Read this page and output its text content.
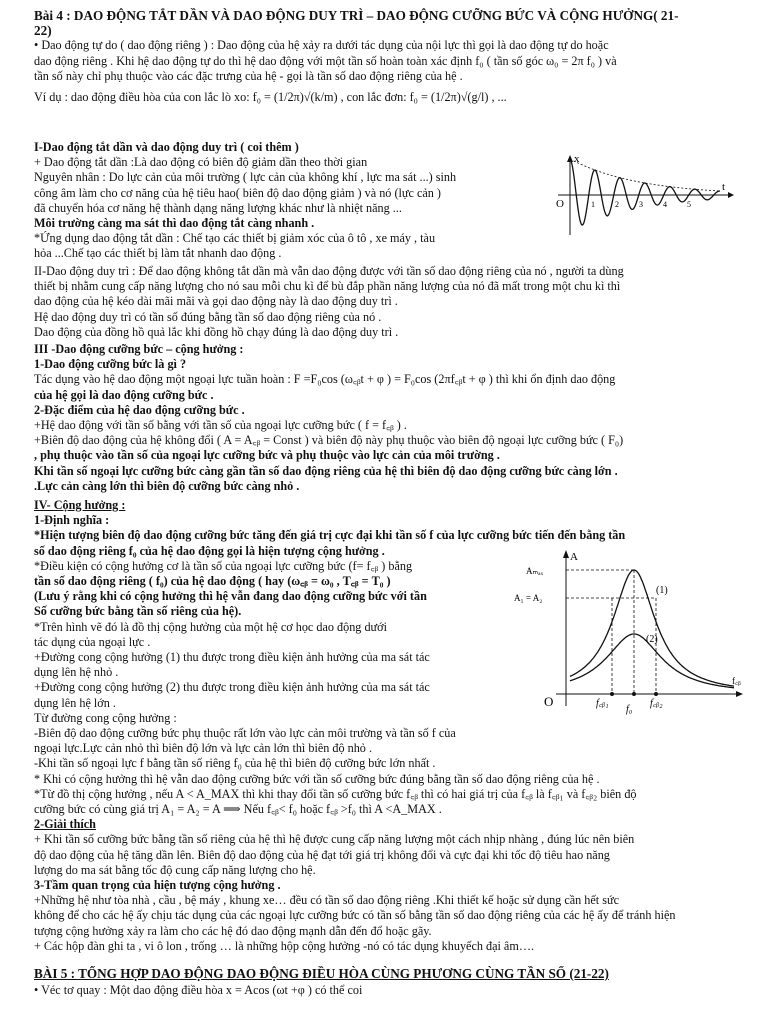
Bài 4 : DAO ĐỘNG TẮT DẦN VÀ DAO ĐỘNG DUY TRÌ – DAO ĐỘNG CƯỠNG BỨC VÀ CỘNG HƯỞNG( 21-
22)
• Dao động tự do ( dao động riêng ) : Dao động của hệ xảy ra dưới tác dụng của nội lực thì gọi là dao động tự do hoặc
dao động riêng . Khi hệ dao động tự do thì hệ dao động với một tần số hoàn toàn xác định f₀ ( tần số góc ω₀ = 2π f₀ ) và
tần số này chỉ phụ thuộc vào các đặc trưng của hệ - gọi là tần số dao động riêng của hệ .
Ví dụ : dao động điều hòa của con lắc lò xo: f₀ = (1/2π)√(k/m) , con lắc đơn: f₀ = (1/2π)√(g/l) , ...
I-Dao động tắt dần và dao động duy trì ( coi thêm )
+ Dao động tắt dần :Là dao động có biên độ giảm dần theo thời gian
Nguyên nhân : Do lực cản của môi trường ( lực cản của không khí , lực ma sát ...) sinh
công âm làm cho cơ năng của hệ tiêu hao( biên độ dao động giảm ) và nó (lực cản )
đã chuyển hóa cơ năng hệ thành dạng năng lượng khác như là nhiệt năng ...
Môi trường càng ma sát thì dao động tắt càng nhanh .
*Ứng dụng dao động tắt dần : Chế tạo các thiết bị giảm xóc của ô tô , xe máy , tàu
hỏa ...Chế tạo các thiết bị làm tắt nhanh dao động .
x
t
O	1	2	3	4	5
II-Dao động duy trì : Để dao động không tắt dần mà vẫn dao động được với tần số dao động riêng của nó , người ta dùng
thiết bị nhằm cung cấp năng lượng cho nó sau mỗi chu kì để bù đắp phần năng lượng của nó đã mất trong một chu kì thì
dao động của hệ kéo dài mãi mãi và gọi dao động này là dao động duy trì .
Hệ dao động duy trì có tần số đúng bằng tần số dao động riêng của nó .
Dao động của đồng hồ quả lắc khi đồng hồ chạy đúng là dao động duy trì .
III -Dao động cưỡng bức – cộng hưởng :
1-Dao động cưỡng bức là gì ?
Tác dụng vào hệ dao động một ngoại lực tuần hoàn : F =F₀cos (ω꜀ᵦt + φ ) = F₀cos (2πf꜀ᵦt + φ ) thì khi ổn định dao động
của hệ gọi là dao động cưỡng bức .
2-Đặc điểm của hệ dao động cưỡng bức .
+Hệ dao động với tần số bằng với tần số của ngoại lực cưỡng bức ( f = f꜀ᵦ ) .
+Biên độ dao động của hệ không đổi ( A = A꜀ᵦ = Const ) và biên độ này phụ thuộc vào biên độ ngoại lực cưỡng bức ( F₀)
, phụ thuộc vào tần số của ngoại lực cưỡng bức và phụ thuộc vào lực cản của môi trường .
Khi tần số ngoại lực cưỡng bức càng gần tần số dao động riêng của hệ thì biên độ dao động cưỡng bức càng lớn .
.Lực cản càng lớn thì biên độ cưỡng bức càng nhỏ .
IV- Cộng hưởng :
1-Định nghĩa :
*Hiện tượng biên độ dao động cưỡng bức tăng đến giá trị cực đại khi tần số f của lực cưỡng bức tiến đến bằng tần
số dao động riêng f₀ của hệ dao động gọi là hiện tượng cộng hưởng .
*Điều kiện có cộng hưởng cơ là tần số của ngoại lực cưỡng bức (f= f꜀ᵦ ) bằng
tần số dao động riêng ( f₀) của hệ dao động ( hay (ω꜀ᵦ = ω₀ , T꜀ᵦ = T₀ )
(Lưu ý rằng khi có cộng hưởng thì hệ vẫn đang dao động cưỡng bức với tần
Số cưỡng bức bằng tần số riêng của hệ).
*Trên hình vẽ đó là đồ thị cộng hưởng của một hệ cơ học dao động dưới
tác dụng của ngoại lực .
+Đường cong cộng hưởng (1) thu được trong điều kiện ảnh hưởng của ma sát tác
dụng lên hệ nhỏ .
+Đường cong cộng hưởng (2) thu được trong điều kiện ảnh hưởng của ma sát tác
dụng lên hệ lớn .
Từ đường cong cộng hưởng :
-Biên độ dao động cưỡng bức phụ thuộc rất lớn vào lực cản môi trường và tần số f của
ngoại lực.Lực cản nhỏ thì biên độ lớn và lực cản lớn thì biên độ nhỏ .
-Khi tần số ngoại lực f bằng tần số riêng f₀ của hệ thì biên độ cưỡng bức lớn nhất .
* Khi có cộng hưởng thì hệ vẫn dao động cưỡng bức với tần số cưỡng bức đúng bằng tần số dao động riêng của hệ .
*Từ đồ thị cộng hưởng , nếu A < A_MAX thì khi thay đổi tần số cưỡng bức f꜀ᵦ thì có hai giá trị của f꜀ᵦ là f꜀ᵦ₁ và f꜀ᵦ₂ biên độ
cưỡng bức có cùng giá trị A₁ = A₂ = A ⟹ Nếu f꜀ᵦ< f₀ hoặc f꜀ᵦ >f₀ thì A <A_MAX .
2-Giải thích
+ Khi tần số cưỡng bức bằng tần số riêng của hệ thì hệ được cung cấp năng lượng một cách nhịp nhàng , đúng lúc nên biên
độ dao động của hệ tăng dần lên. Biên độ dao động của hệ đạt tới giá trị không đổi và cực đại khi tốc độ tiêu hao năng
lượng do ma sát bằng tốc độ cung cấp năng lượng cho hệ.
3-Tầm quan trọng của hiện tượng cộng hưởng .
+Những hệ như tòa nhà , cầu , bệ máy , khung xe… đều có tần số dao động riêng .Khi thiết kế hoặc sử dụng cần hết sức
không để cho các hệ ấy chịu tác dụng của các ngoại lực cưỡng bức có tần số bằng tần số dao động riêng của các hệ ấy để tránh hiện
tượng cộng hưởng xảy ra làm cho các hệ đó dao động mạnh dẫn đến đổ hoặc gãy.
+ Các hộp đàn ghi ta , vi ô lon , trống … là những hộp cộng hưởng -nó có tác dụng khuyếch đại âm….
A
Aₘₐₓ
A₁ = A₂
f꜀ᵦ
O
(1)
(2)
f꜀ᵦ₁
f₀
f꜀ᵦ₂
BÀI 5 : TỔNG HỢP DAO ĐỘNG DAO ĐỘNG ĐIỀU HÒA CÙNG PHƯƠNG CÙNG TẦN SỐ (21-22)
• Véc tơ quay : Một dao động điều hòa x = Acos (ωt +φ ) có thể coi
